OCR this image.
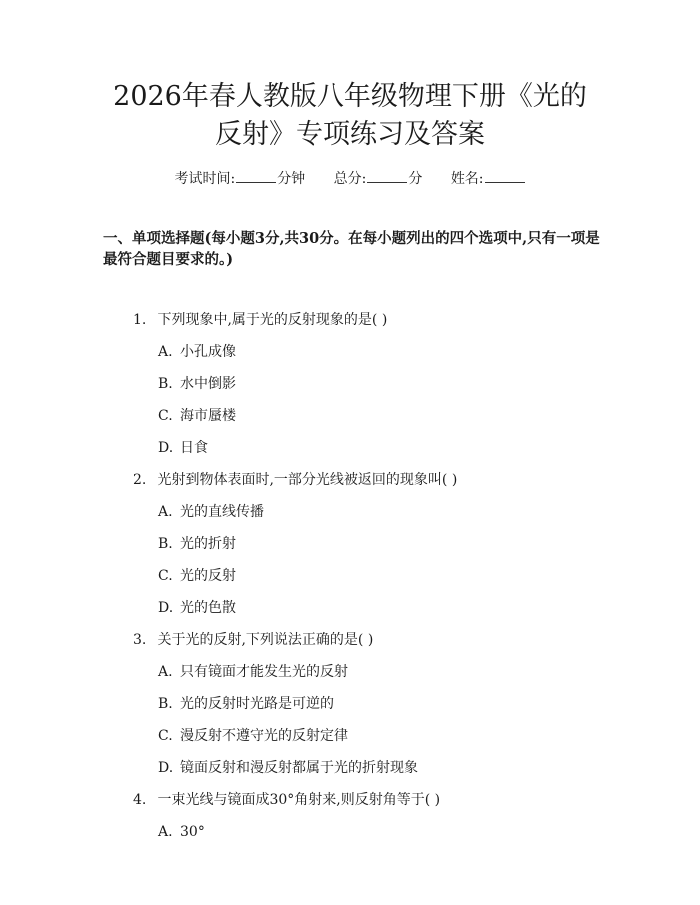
2026年春人教版八年级物理下册《光的反射》专项练习及答案
考试时间:	分钟 总分:	分 姓名:
一、单项选择题(每小题3分,共30分。在每小题列出的四个选项中,只有一项是最符合题目要求的。)
1. 下列现象中,属于光的反射现象的是( )
A. 小孔成像
B. 水中倒影
C. 海市蜃楼
D. 日食
2. 光射到物体表面时,一部分光线被返回的现象叫( )
A. 光的直线传播
B. 光的折射
C. 光的反射
D. 光的色散
3. 关于光的反射,下列说法正确的是( )
A. 只有镜面才能发生光的反射
B. 光的反射时光路是可逆的
C. 漫反射不遵守光的反射定律
D. 镜面反射和漫反射都属于光的折射现象
4. 一束光线与镜面成30°角射来,则反射角等于( )
A. 30°
